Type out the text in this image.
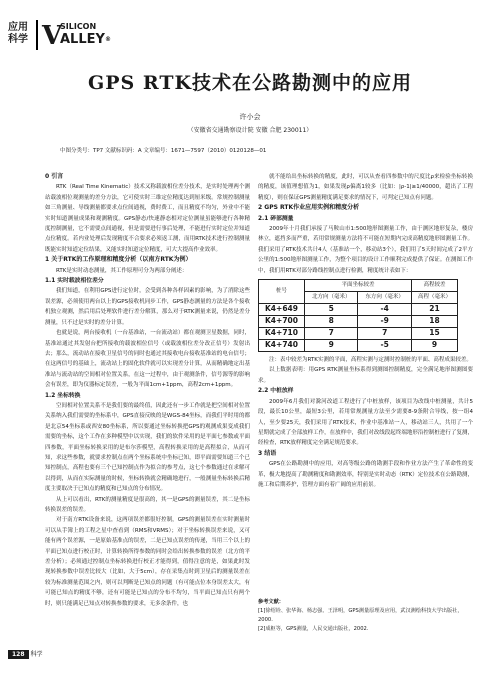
应用
科学 V
SILICON
ALLEY®
GPS RTK技术在公路勘测中的应用
许小会
（安徽省交通勘察设计院 安徽 合肥 230011）
中图分类号：TP7 文献标识码：A 文章编号：1671—7597（2010）0120128—01
0 引言

RTK（Real Time Kinematic）技术又称载波相位差分技术，是实时处理两个测站载波相位观测量的差分方法，它可使实时三维定位精度达到厘米级。常规控制测量如三角测量、导线测量都要求点位间通视，费时费工，而且精度不均匀，外业中不能实时知道测量成果和观测精度。GPS静态/快速静态相对定位测量虽能够进行各种精度控制测量，它不需要点间通视，但是需要进行事后处理，不能进行实时定位并知道点位精度。若内业处理后发现精度不合要求必须返工测，而用RTK技术进行控制测量既能实时知道定位结果，又能实时知道定位精度，可大大提高作业效率。

1 关于RTK的工作原理和精度分析（以南方RTK为例）

RTK是实时动态测量，其工作原理可分为两部分阐述：

1.1 实时载波相位差分

我们知道，在利用GPS进行定位时，会受到各种各样因素的影响，为了消除这些误差源，必须使用两台以上的GPS接收机同步工作，GPS静态测量的方法是各个接收机独立观测，然后用后处理软件进行差分解算，那么对于RTK测量来说，仍然是差分测量，只不过是实时的差分计算。

也就是说，两台接收机（一台基准站，一台流动站）都在观测卫星数据，同时，基准站通过其发射台把所接收的载波相位信号（或载波相位差分改正信号）发射出去；那么，流动站在接收卫星信号的同时也通过其接收电台接收基准站的电台信号；在这两信号的基础上，流动站上的固化软件就可以实现差分计算，从而精确地定出基准站与流动站的空间相对位置关系，在这一过程中，由于观测条件，信号源等的影响会有误差，即为仪器标定误差，一般为平面1cm+1ppm，高程2cm+1ppm。

1.2 坐标转换

空间相对位置关系不是我们要的最终值，因此还有一步工作就是把空间相对位置关系纳入我们需要的坐标系中，GPS直接反映的是WGS-84坐标，而我们平时用的都是北京54坐标系或西安80坐标系，所以要通过坐标转换把GPS的观测成果变成我们需要的坐标，这个工作在多种模型中以实现，我们的软件采用的是平面七参数或平面四参数，平面坐标转换采用的是布尔莎模型，高程转换采用的是高程拟合，从而可知，求这些参数，就要求控制点在两个坐标系统中坐标已知，即平面需要知道三个已知控制点，高程也要有三个已知控制点作为拟合的参考点，这七个参数通过在求解可以得到，从而在实际测量的时候，坐标转换就会精确地进行，一般测量坐标转换后精度主要取决于已知点的精度和已知点的分布情况。

从上可以看出，RTK的测量精度是很高的，其一是GPS的测量误差，其二是坐标转换误差的误差。

对于南方RTK设备来说，这两项误差都很好控制，GPS的测量误差在实时测量时可以从手簿上的工程之星中查看到（RMS和VRMS）；对于坐标转换误差来说，又可能有两个误差源，一是原始基准点的误差，二是已知点误差的传递，当用三个以上的平面已知点进行校正时，计算转换所得参数的同时会给出转换参数的误差（北方的平差分析）；必须通过控制点坐标转换进行校正才能得到，值得注意的是，如果此时发现转换参数中误差比较大（比如，大于5cm），存在采集点时到卫星后的测量误差在较为标准测量范围之内，则可以判断是已知点的问题（有可能点位本身误差太大，有可能已知点的精度不够，还有可能是已知点的分布不均匀，当平面已知点只有两个时，则只能满足已知点对转换参数的要求，无多余条件，也

就不能给出坐标转换的精度，此时，可以从查看四参数中的尺度比ρ来检验坐标转换的精度，该值理想值为1，如果发现ρ偏离1较多（比如：|ρ-1|≥1/40000，超出了工程精度），则在保证GPS测量精度满足要求的情况下，可判定已知点有问题。

2 GPS RTK作业应用实例和精度分析
2.1 碎部测量

2009年十月我们承接了马鞍山市1:500地形图测量工作，由于测区地形复杂，楼房林立，遮挡多而严重，若用常规测量方法将不可能在短期内完成高精度地形图测量工作。我们采用了RTK技术共计4人（基准站一个，移动站3个），我们用了5天时间完成了2平方公里的1:500地形图测量工作，为整个项目的设计工作顺利完成提供了保证。在测图工作中，我们用RTK对部分路线控制点进行检测，精度统计表如下：

桩号	平面坐标较差		高程较差
	北方向（毫米）	东方向（毫米）	高程（毫米）
K4+649	5	-4	21
K4+700	8	-9	18
K4+710	7	7	15
K4+740	9	-5	9

注：表中较差为RTK实测的平面，高程实测与定测时控制桩的平面、高程成果较差。

以上数据表明：用GPS RTK测量坐标系得到测图控制精度，完全满足地形图测图要求。

2.2 中桩放样

2009年6月我们对滁河改道工程进行了中桩放样，该项目为改线中桩测量，共计5段，最长10公里，最短3公里，若用常规测量方法至少需要8-9条附合导线，按一组4人，至少要25天，我们采用了RTK技术，作业中基准站一人，移动站三人，共用了一个星期就完成了全部放样工作，在放样中，我们对改线段起终端地形沿控制桩进行了复测，经检查，RTK放样精度完全满足规范要求。

3 结语

GPS在公路勘测中的应用，对高等级公路的勘测手段和作业方法产生了革命性的变革，极大地提高了勘测精度和勘测效率，特别是实时动态（RTK）定位技术在公路勘测，施工和后期养护，管理方面有着广阔的应用前景。

参考文献：
[1]徐绍铨、张华海、杨志强、王泽明，GPS测量原理及应用，武汉测绘科技大学出版社，2000.
[2]成枢等，GPS测量，人民交通出版社，2002.
128 科学
